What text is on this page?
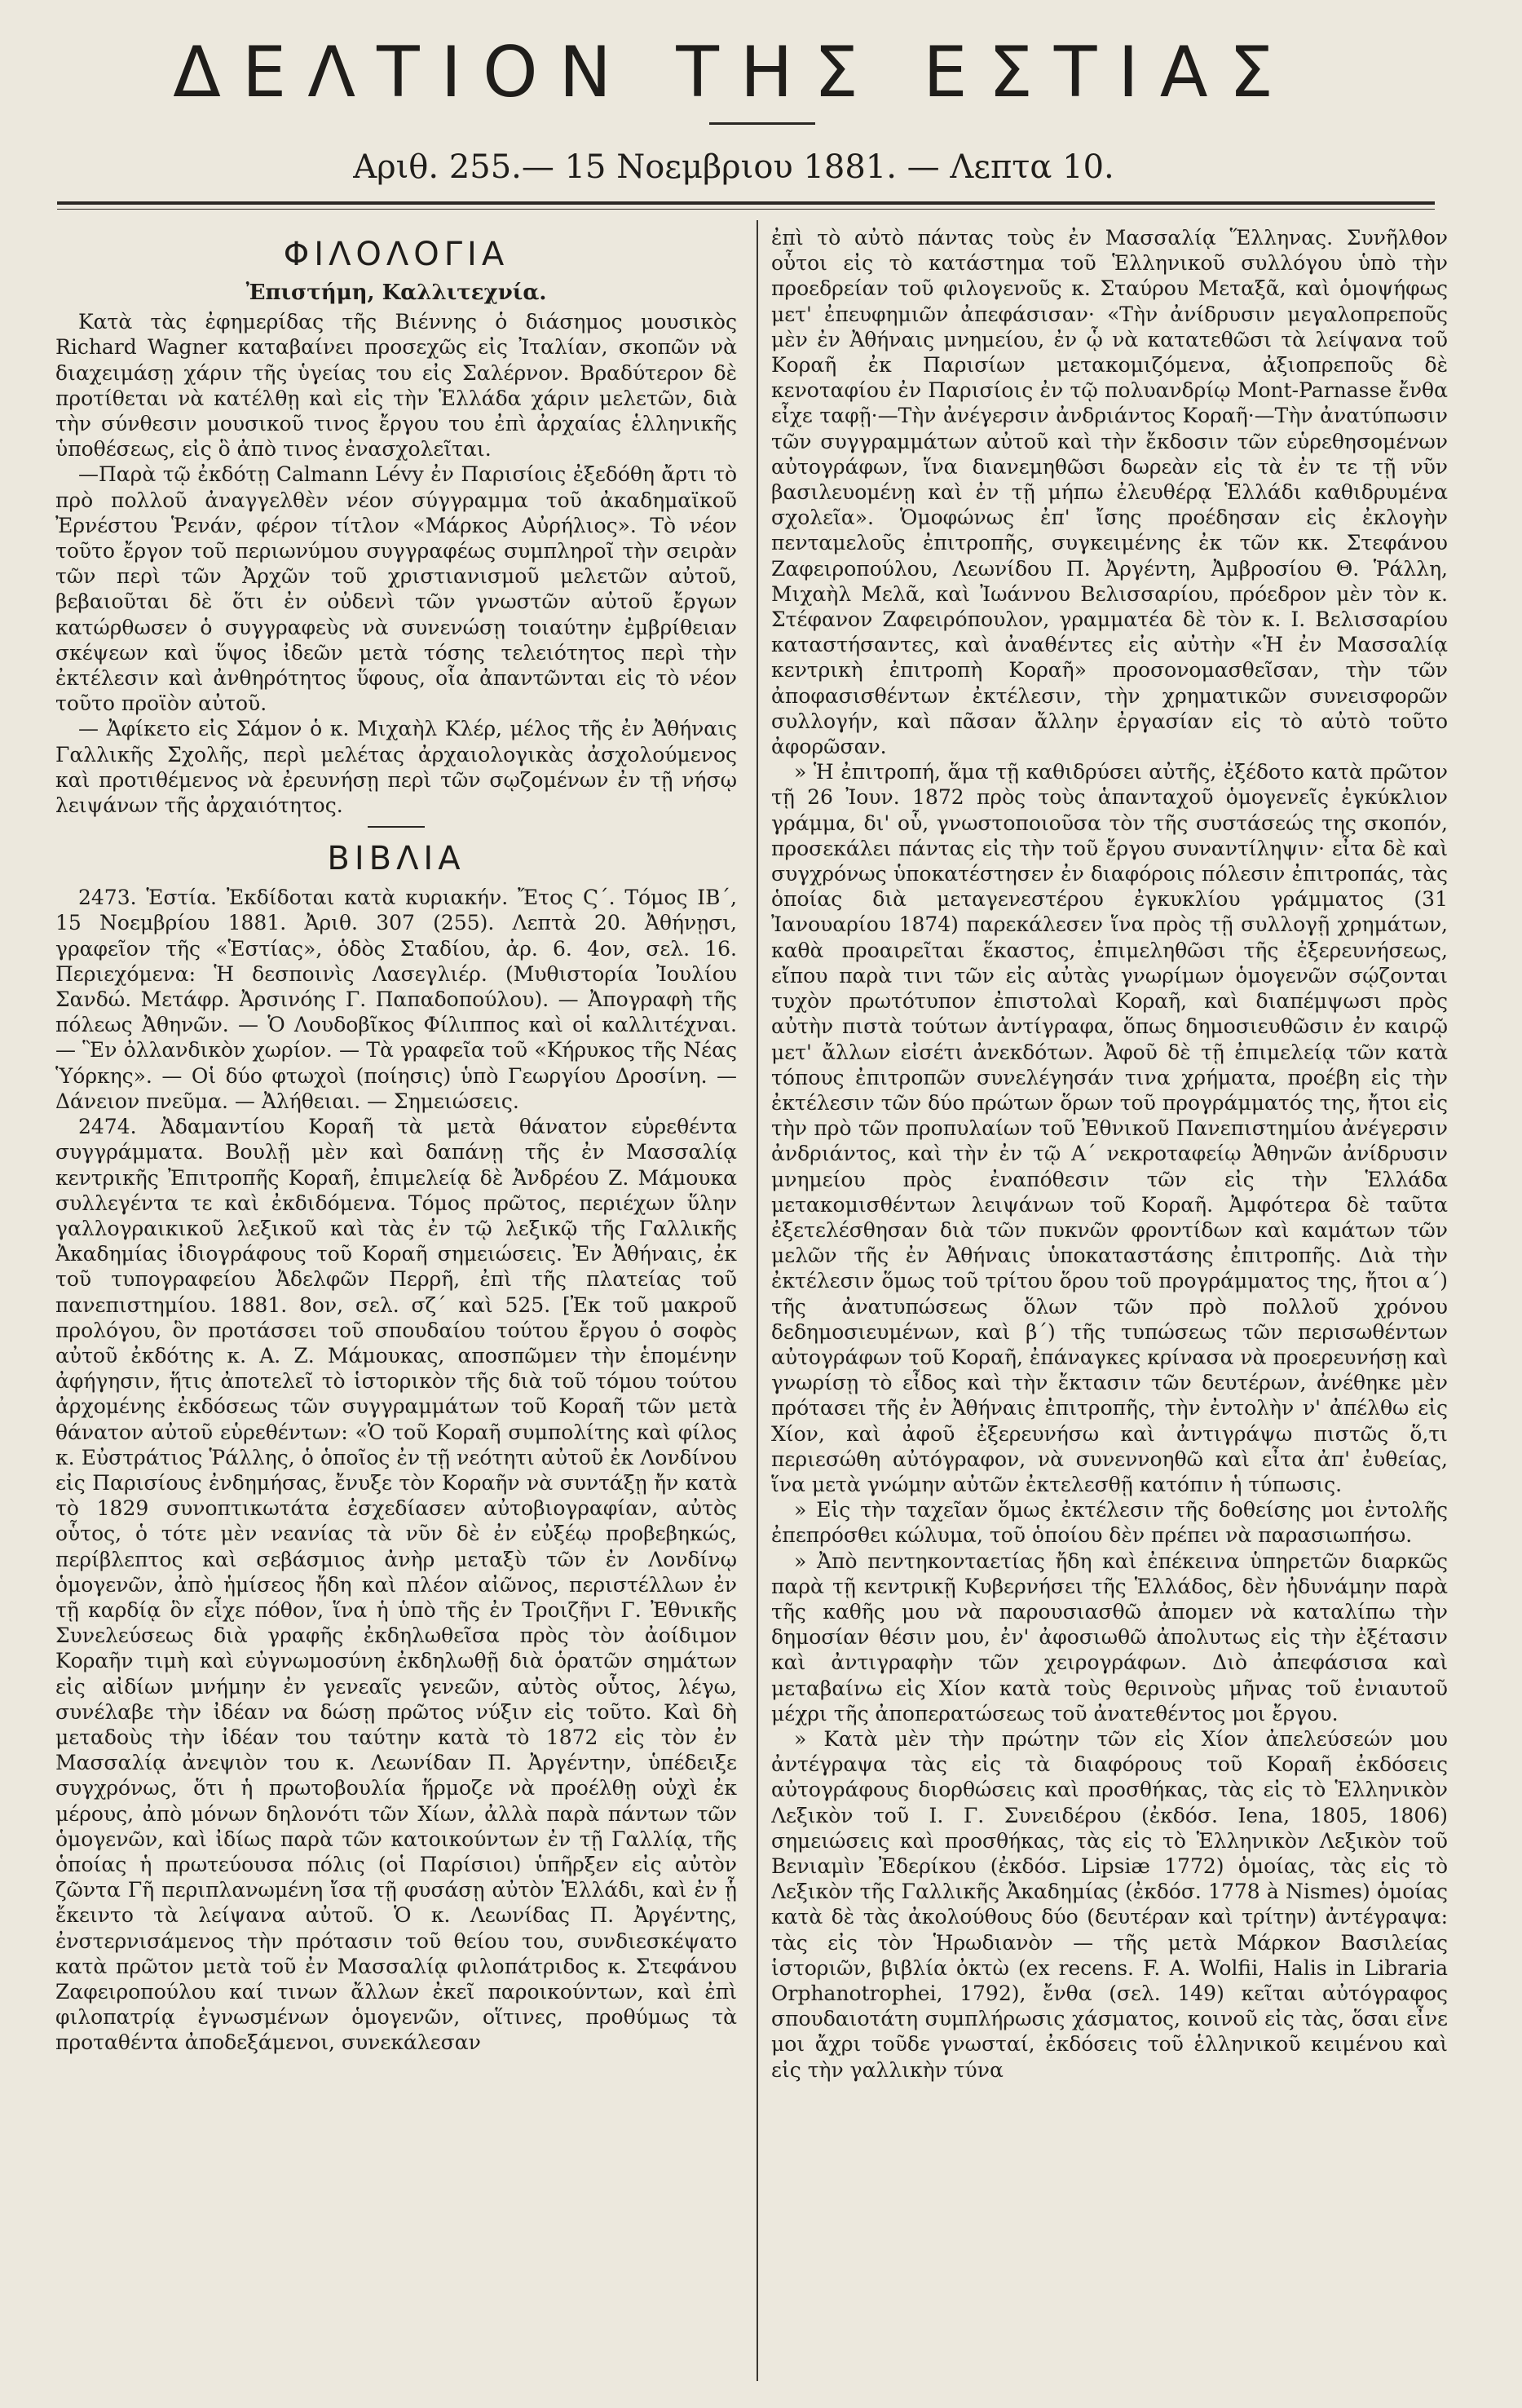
ΔΕΛΤΙΟΝ ΤΗΣ ΕΣΤΙΑΣ
Αριθ. 255.— 15 Νοεμβριου 1881. — Λεπτα 10.
ΦΙΛΟΛΟΓΙΑ
Ἐπιστήμη, Καλλιτεχνία.

Κατὰ τὰς ἐφημερίδας τῆς Βιέννης ὁ διάσημος μουσικὸς Richard Wagner καταβαίνει προσεχῶς εἰς Ἰταλίαν, σκοπῶν νὰ διαχειμάσῃ χάριν τῆς ὑγείας του εἰς Σαλέρνον. Βραδύτερον δὲ προτίθεται νὰ κατέλθῃ καὶ εἰς τὴν Ἑλλάδα χάριν μελετῶν, διὰ τὴν σύνθεσιν μουσικοῦ τινος ἔργου του ἐπὶ ἀρχαίας ἑλληνικῆς ὑποθέσεως, εἰς ὃ ἀπὸ τινος ἐνασχολεῖται.

—Παρὰ τῷ ἐκδότῃ Calmann Lévy ἐν Παρισίοις ἐξεδόθη ἄρτι τὸ πρὸ πολλοῦ ἀναγγελθὲν νέον σύγγραμμα τοῦ ἀκαδημαϊκοῦ Ἐρνέστου Ῥενάν, φέρον τίτλον «Μάρκος Αὐρήλιος». Τὸ νέον τοῦτο ἔργον τοῦ περιωνύμου συγγραφέως συμπληροῖ τὴν σειρὰν τῶν περὶ τῶν Ἀρχῶν τοῦ χριστιανισμοῦ μελετῶν αὐτοῦ, βεβαιοῦται δὲ ὅτι ἐν οὐδενὶ τῶν γνωστῶν αὐτοῦ ἔργων κατώρθωσεν ὁ συγγραφεὺς νὰ συνενώσῃ τοιαύτην ἐμβρίθειαν σκέψεων καὶ ὕψος ἰδεῶν μετὰ τόσης τελειότητος περὶ τὴν ἐκτέλεσιν καὶ ἀνθηρότητος ὕφους, οἷα ἀπαντῶνται εἰς τὸ νέον τοῦτο προϊὸν αὐτοῦ.

— Ἀφίκετο εἰς Σάμον ὁ κ. Μιχαὴλ Κλέρ, μέλος τῆς ἐν Ἀθήναις Γαλλικῆς Σχολῆς, περὶ μελέτας ἀρχαιολογικὰς ἀσχολούμενος καὶ προτιθέμενος νὰ ἐρευνήσῃ περὶ τῶν σῳζομένων ἐν τῇ νήσῳ λειψάνων τῆς ἀρχαιότητος.

ΒΙΒΛΙΑ

2473. Ἑστία. Ἐκδίδοται κατὰ κυριακήν. Ἔτος Ϛ΄. Τόμος ΙΒ΄, 15 Νοεμβρίου 1881. Ἀριθ. 307 (255). Λεπτὰ 20. Ἀθήνῃσι, γραφεῖον τῆς «Ἑστίας», ὁδὸς Σταδίου, ἀρ. 6. 4ον, σελ. 16. Περιεχόμενα: Ἡ δεσποινὶς Λασεγλιέρ. (Μυθιστορία Ἰουλίου Σανδώ. Μετάφρ. Ἀρσινόης Γ. Παπαδοπούλου). — Ἀπογραφὴ τῆς πόλεως Ἀθηνῶν. — Ὁ Λουδοβῖκος Φίλιππος καὶ οἱ καλλιτέχναι. — Ἓν ὀλλανδικὸν χωρίον. — Τὰ γραφεῖα τοῦ «Κήρυκος τῆς Νέας Ὑόρκης». — Οἱ δύο φτωχοὶ (ποίησις) ὑπὸ Γεωργίου Δροσίνη. — Δάνειον πνεῦμα. — Ἀλήθειαι. — Σημειώσεις.

2474. Ἀδαμαντίου Κοραῆ τὰ μετὰ θάνατον εὑρεθέντα συγγράμματα. Βουλῇ μὲν καὶ δαπάνῃ τῆς ἐν Μασσαλίᾳ κεντρικῆς Ἐπιτροπῆς Κοραῆ, ἐπιμελείᾳ δὲ Ἀνδρέου Ζ. Μάμουκα συλλεγέντα τε καὶ ἐκδιδόμενα. Τόμος πρῶτος, περιέχων ὕλην γαλλογραικικοῦ λεξικοῦ καὶ τὰς ἐν τῷ λεξικῷ τῆς Γαλλικῆς Ἀκαδημίας ἰδιογράφους τοῦ Κοραῆ σημειώσεις. Ἐν Ἀθήναις, ἐκ τοῦ τυπογραφείου Ἀδελφῶν Περρῆ, ἐπὶ τῆς πλατείας τοῦ πανεπιστημίου. 1881. 8ον, σελ. σζ΄ καὶ 525. [Ἐκ τοῦ μακροῦ προλόγου, ὃν προτάσσει τοῦ σπουδαίου τούτου ἔργου ὁ σοφὸς αὐτοῦ ἐκδότης κ. Α. Ζ. Μάμουκας, αποσπῶμεν τὴν ἑπομένην ἀφήγησιν, ἥτις ἀποτελεῖ τὸ ἱστορικὸν τῆς διὰ τοῦ τόμου τούτου ἀρχομένης ἐκδόσεως τῶν συγγραμμάτων τοῦ Κοραῆ τῶν μετὰ θάνατον αὐτοῦ εὑρεθέντων: «Ὁ τοῦ Κοραῆ συμπολίτης καὶ φίλος κ. Εὐστράτιος Ῥάλλης, ὁ ὁποῖος ἐν τῇ νεότητι αὐτοῦ ἐκ Λονδίνου εἰς Παρισίους ἐνδημήσας, ἔνυξε τὸν Κοραῆν νὰ συντάξῃ ἤν κατὰ τὸ 1829 συνοπτικωτάτα ἐσχεδίασεν αὐτοβιογραφίαν, αὐτὸς οὗτος, ὁ τότε μὲν νεανίας τὰ νῦν δὲ ἐν εὐξέῳ προβεβηκώς, περίβλεπτος καὶ σεβάσμιος ἀνὴρ μεταξὺ τῶν ἐν Λονδίνῳ ὁμογενῶν, ἀπὸ ἡμίσεος ἤδη καὶ πλέον αἰῶνος, περιστέλλων ἐν τῇ καρδίᾳ ὃν εἶχε πόθον, ἵνα ἡ ὑπὸ τῆς ἐν Τροιζῆνι Γ. Ἐθνικῆς Συνελεύσεως διὰ γραφῆς ἐκδηλωθεῖσα πρὸς τὸν ἀοίδιμον Κοραῆν τιμὴ καὶ εὐγνωμοσύνη ἐκδηλωθῇ διὰ ὁρατῶν σημάτων εἰς αἰδίων μνήμην ἐν γενεαῖς γενεῶν, αὐτὸς οὗτος, λέγω, συνέλαβε τὴν ἰδέαν να δώσῃ πρῶτος νύξιν εἰς τοῦτο. Καὶ δὴ μεταδοὺς τὴν ἰδέαν του ταύτην κατὰ τὸ 1872 εἰς τὸν ἐν Μασσαλίᾳ ἀνεψιὸν του κ. Λεωνίδαν Π. Ἀργέντην, ὑπέδειξε συγχρόνως, ὅτι ἡ πρωτοβουλία ἥρμοζε νὰ προέλθῃ οὐχὶ ἐκ μέρους, ἀπὸ μόνων δηλονότι τῶν Χίων, ἀλλὰ παρὰ πάντων τῶν ὁμογενῶν, καὶ ἰδίως παρὰ τῶν κατοικούντων ἐν τῇ Γαλλίᾳ, τῆς ὁποίας ἡ πρωτεύουσα πόλις (οἱ Παρίσιοι) ὑπῆρξεν εἰς αὐτὸν ζῶντα Γῆ περιπλανωμένη ἴσα τῇ φυσάσῃ αὐτὸν Ἑλλάδι, καὶ ἐν ᾗ ἔκειντο τὰ λείψανα αὐτοῦ. Ὁ κ. Λεωνίδας Π. Ἀργέντης, ἐνστερνισάμενος τὴν πρότασιν τοῦ θείου του, συνδιεσκέψατο κατὰ πρῶτον μετὰ τοῦ ἐν Μασσαλίᾳ φιλοπάτριδος κ. Στεφάνου Ζαφειροπούλου καί τινων ἄλλων ἐκεῖ παροικούντων, καὶ ἐπὶ φιλοπατρίᾳ ἐγνωσμένων ὁμογενῶν, οἵτινες, προθύμως τὰ προταθέντα ἀποδεξάμενοι, συνεκάλεσαν

ἐπὶ τὸ αὐτὸ πάντας τοὺς ἐν Μασσαλίᾳ Ἕλληνας. Συνῆλθον οὗτοι εἰς τὸ κατάστημα τοῦ Ἑλληνικοῦ συλλόγου ὑπὸ τὴν προεδρείαν τοῦ φιλογενοῦς κ. Σταύρου Μεταξᾶ, καὶ ὁμοψήφως μετ' ἐπευφημιῶν ἀπεφάσισαν· «Τὴν ἀνίδρυσιν μεγαλοπρεποῦς μὲν ἐν Ἀθήναις μνημείου, ἐν ᾧ νὰ κατατεθῶσι τὰ λείψανα τοῦ Κοραῆ ἐκ Παρισίων μετακομιζόμενα, ἀξιοπρεποῦς δὲ κενοταφίου ἐν Παρισίοις ἐν τῷ πολυανδρίῳ Mont-Parnasse ἔνθα εἶχε ταφῇ·—Τὴν ἀνέγερσιν ἀνδριάντος Κοραῆ·—Τὴν ἀνατύπωσιν τῶν συγγραμμάτων αὐτοῦ καὶ τὴν ἔκδοσιν τῶν εὑρεθησομένων αὐτογράφων, ἵνα διανεμηθῶσι δωρεὰν εἰς τὰ ἐν τε τῇ νῦν βασιλευομένῃ καὶ ἐν τῇ μήπω ἐλευθέρᾳ Ἑλλάδι καθιδρυμένα σχολεῖα». Ὁμοφώνως ἐπ' ἴσης προέδησαν εἰς ἐκλογὴν πενταμελοῦς ἐπιτροπῆς, συγκειμένης ἐκ τῶν κκ. Στεφάνου Ζαφειροπούλου, Λεωνίδου Π. Ἀργέντη, Ἀμβροσίου Θ. Ῥάλλη, Μιχαὴλ Μελᾶ, καὶ Ἰωάννου Βελισσαρίου, πρόεδρον μὲν τὸν κ. Στέφανον Ζαφειρόπουλον, γραμματέα δὲ τὸν κ. Ι. Βελισσαρίου καταστήσαντες, καὶ ἀναθέντες εἰς αὐτὴν «Ἡ ἐν Μασσαλίᾳ κεντρικὴ ἐπιτροπὴ Κοραῆ» προσονομασθεῖσαν, τὴν τῶν ἀποφασισθέντων ἐκτέλεσιν, τὴν χρηματικῶν συνεισφορῶν συλλογήν, καὶ πᾶσαν ἄλλην ἐργασίαν εἰς τὸ αὐτὸ τοῦτο ἀφορῶσαν.

» Ἡ ἐπιτροπή, ἅμα τῇ καθιδρύσει αὐτῆς, ἐξέδοτο κατὰ πρῶτον τῇ 26 Ἰουν. 1872 πρὸς τοὺς ἁπανταχοῦ ὁμογενεῖς ἐγκύκλιον γράμμα, δι' οὗ, γνωστοποιοῦσα τὸν τῆς συστάσεώς της σκοπόν, προσεκάλει πάντας εἰς τὴν τοῦ ἔργου συναντίληψιν· εἶτα δὲ καὶ συγχρόνως ὑποκατέστησεν ἐν διαφόροις πόλεσιν ἐπιτροπάς, τὰς ὁποίας διὰ μεταγενεστέρου ἐγκυκλίου γράμματος (31 Ἰανουαρίου 1874) παρεκάλεσεν ἵνα πρὸς τῇ συλλογῇ χρημάτων, καθὰ προαιρεῖται ἕκαστος, ἐπιμεληθῶσι τῆς ἐξερευνήσεως, εἴπου παρὰ τινι τῶν εἰς αὐτὰς γνωρίμων ὁμογενῶν σῴζονται τυχὸν πρωτότυπον ἐπιστολαὶ Κοραῆ, καὶ διαπέμψωσι πρὸς αὐτὴν πιστὰ τούτων ἀντίγραφα, ὅπως δημοσιευθῶσιν ἐν καιρῷ μετ' ἄλλων εἰσέτι ἀνεκδότων. Ἀφοῦ δὲ τῇ ἐπιμελείᾳ τῶν κατὰ τόπους ἐπιτροπῶν συνελέγησάν τινα χρήματα, προέβη εἰς τὴν ἐκτέλεσιν τῶν δύο πρώτων ὅρων τοῦ προγράμματός της, ἤτοι εἰς τὴν πρὸ τῶν προπυλαίων τοῦ Ἐθνικοῦ Πανεπιστημίου ἀνέγερσιν ἀνδριάντος, καὶ τὴν ἐν τῷ Α΄ νεκροταφείῳ Ἀθηνῶν ἀνίδρυσιν μνημείου πρὸς ἐναπόθεσιν τῶν εἰς τὴν Ἑλλάδα μετακομισθέντων λειψάνων τοῦ Κοραῆ. Ἀμφότερα δὲ ταῦτα ἐξετελέσθησαν διὰ τῶν πυκνῶν φροντίδων καὶ καμάτων τῶν μελῶν τῆς ἐν Ἀθήναις ὑποκαταστάσης ἐπιτροπῆς. Διὰ τὴν ἐκτέλεσιν ὅμως τοῦ τρίτου ὅρου τοῦ προγράμματος της, ἤτοι α΄) τῆς ἀνατυπώσεως ὅλων τῶν πρὸ πολλοῦ χρόνου δεδημοσιευμένων, καὶ β΄) τῆς τυπώσεως τῶν περισωθέντων αὐτογράφων τοῦ Κοραῆ, ἐπάναγκες κρίνασα νὰ προερευνήσῃ καὶ γνωρίσῃ τὸ εἶδος καὶ τὴν ἔκτασιν τῶν δευτέρων, ἀνέθηκε μὲν πρότασει τῆς ἐν Ἀθήναις ἐπιτροπῆς, τὴν ἐντολὴν ν' ἀπέλθω εἰς Χίον, καὶ ἀφοῦ ἐξερευνήσω καὶ ἀντιγράψω πιστῶς ὅ,τι περιεσώθη αὐτόγραφον, νὰ συνεννοηθῶ καὶ εἶτα ἀπ' ἐυθείας, ἵνα μετὰ γνώμην αὐτῶν ἐκτελεσθῇ κατόπιν ἡ τύπωσις.

» Εἰς τὴν ταχεῖαν ὅμως ἐκτέλεσιν τῆς δοθείσης μοι ἐντολῆς ἐπεπρόσθει κώλυμα, τοῦ ὁποίου δὲν πρέπει νὰ παρασιωπήσω.

» Ἀπὸ πεντηκονταετίας ἤδη καὶ ἐπέκεινα ὑπηρετῶν διαρκῶς παρὰ τῇ κεντρικῇ Κυβερνήσει τῆς Ἑλλάδος, δὲν ἠδυνάμην παρὰ τῆς καθῆς μου νὰ παρουσιασθῶ ἀπομεν νὰ καταλίπω τὴν δημοσίαν θέσιν μου, ἐν' ἀφοσιωθῶ ἀπολυτως εἰς τὴν ἐξέτασιν καὶ ἀντιγραφὴν τῶν χειρογράφων. Διὸ ἀπεφάσισα καὶ μεταβαίνω εἰς Χίον κατὰ τοὺς θερινοὺς μῆνας τοῦ ἐνιαυτοῦ μέχρι τῆς ἀποπερατώσεως τοῦ ἀνατεθέντος μοι ἔργου.

» Κατὰ μὲν τὴν πρώτην τῶν εἰς Χίον ἀπελεύσεών μου ἀντέγραψα τὰς εἰς τὰ διαφόρους τοῦ Κοραῆ ἐκδόσεις αὐτογράφους διορθώσεις καὶ προσθήκας, τὰς εἰς τὸ Ἑλληνικὸν Λεξικὸν τοῦ Ι. Γ. Συνειδέρου (ἐκδόσ. Iena, 1805, 1806) σημειώσεις καὶ προσθήκας, τὰς εἰς τὸ Ἑλληνικὸν Λεξικὸν τοῦ Βενιαμὶν Ἐδερίκου (ἐκδόσ. Lipsiæ 1772) ὁμοίας, τὰς εἰς τὸ Λεξικὸν τῆς Γαλλικῆς Ἀκαδημίας (ἐκδόσ. 1778 à Nismes) ὁμοίας κατὰ δὲ τὰς ἀκολούθους δύο (δευτέραν καὶ τρίτην) ἀντέγραψα: τὰς εἰς τὸν Ἡρωδιανὸν — τῆς μετὰ Μάρκον Βασιλείας ἱστοριῶν, βιβλία ὀκτὼ (ex recens. F. A. Wolfii, Halis in Libraria Orphanotrophei, 1792), ἔνθα (σελ. 149) κεῖται αὐτόγραφος σπουδαιοτάτη συμπλήρωσις χάσματος, κοινοῦ εἰς τὰς, ὅσαι εἶνε μοι ἄχρι τοῦδε γνωσταί, ἐκδόσεις τοῦ ἑλληνικοῦ κειμένου καὶ εἰς τὴν γαλλικὴν τύνα
